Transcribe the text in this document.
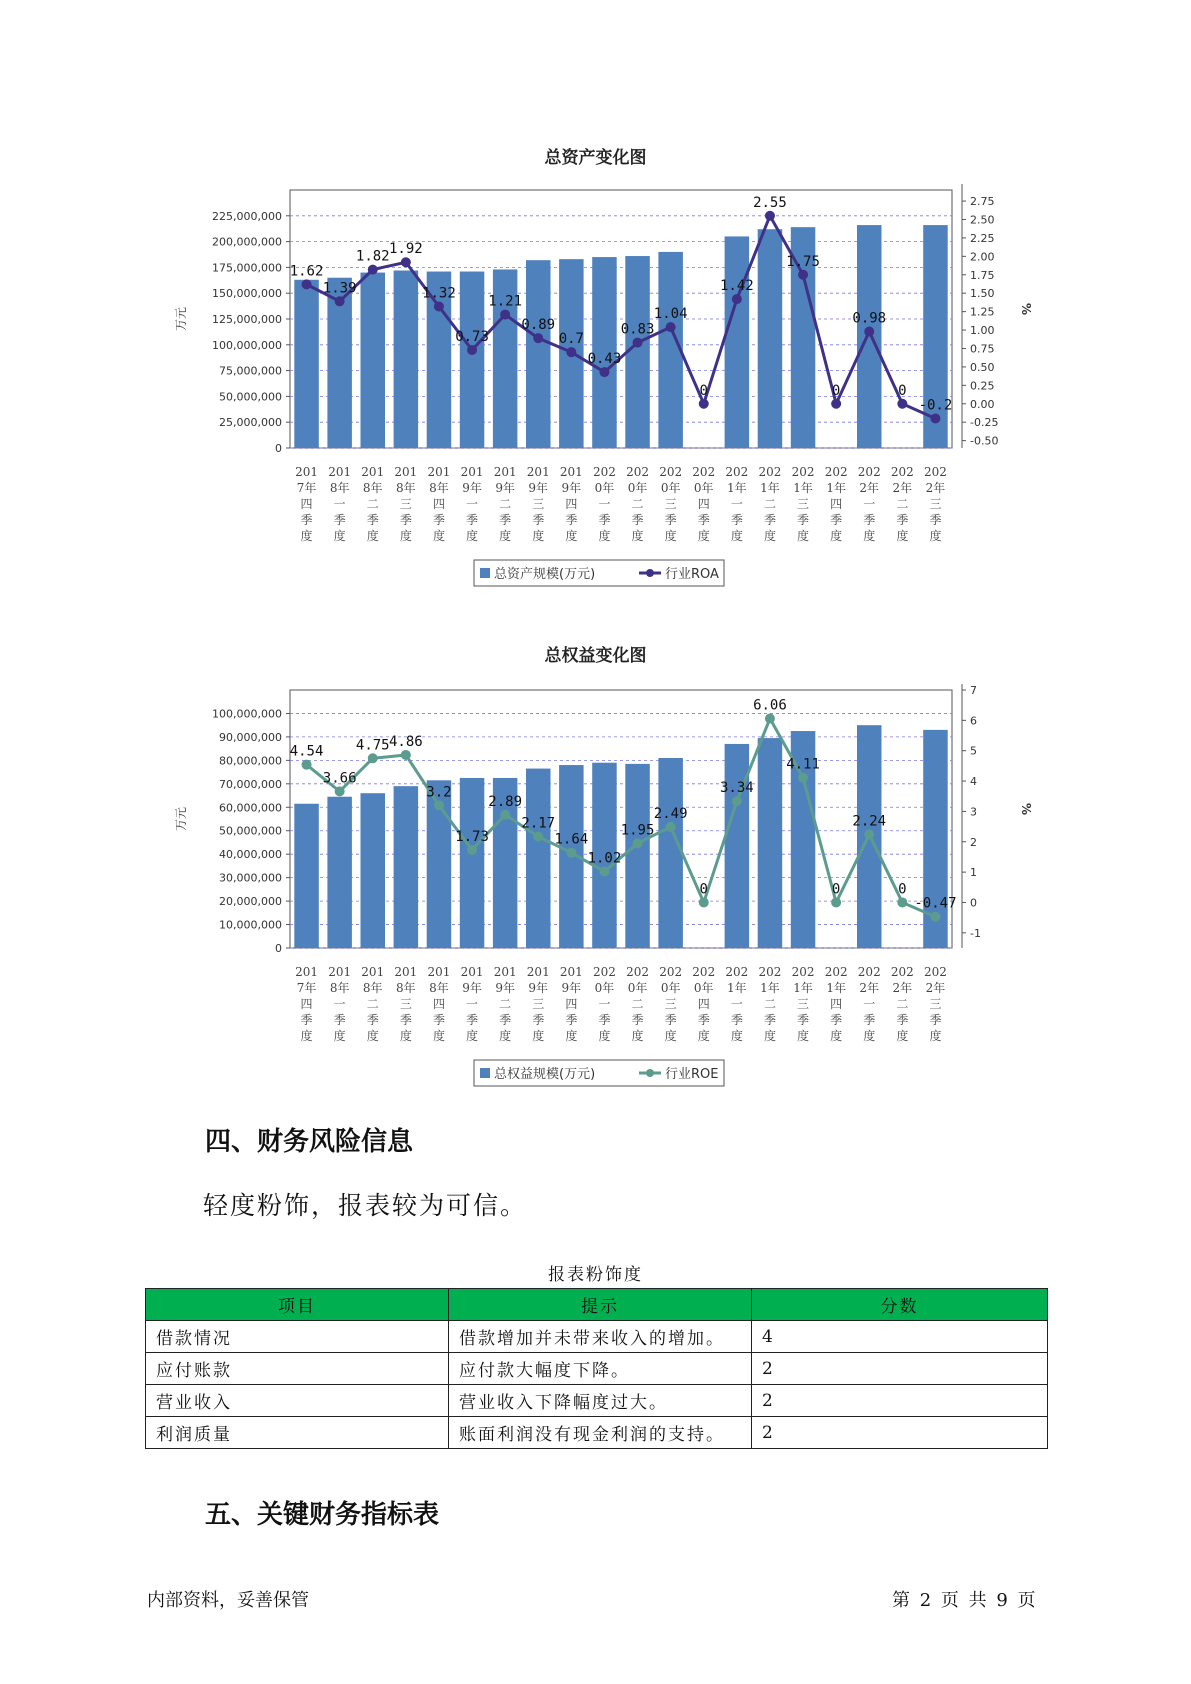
总资产变化图
0
25,000,000
50,000,000
75,000,000
100,000,000
125,000,000
150,000,000
175,000,000
200,000,000
225,000,000
-0.50
-0.25
0.00
0.25
0.50
0.75
1.00
1.25
1.50
1.75
2.00
2.25
2.50
2.75
万元	%
1.62
1.39
1.82 1.92
1.32
0.73
1.21
0.89
0.7
0.43
0.83
1.04
0
1.42
2.55
1.75
0
0.98
0
-0.2
201
7年
四
季
度
201
8年
一
季
度
201
8年
二
季
度
201
8年
三
季
度
201
8年
四
季
度
201
9年
一
季
度
201
9年
二
季
度
201
9年
三
季
度
201
9年
四
季
度
202
0年
一
季
度
202
0年
二
季
度
202
0年
三
季
度
202
0年
四
季
度
202
1年
一
季
度
202
1年
二
季
度
202
1年
三
季
度
202
1年
四
季
度
202
2年
一
季
度
202
2年
二
季
度
202
2年
三
季
度
总资产规模(万元)	行业ROA
总权益变化图
0
10,000,000
20,000,000
30,000,000
40,000,000
50,000,000
60,000,000
70,000,000
80,000,000
90,000,000
100,000,000
-1
0
1
2
3
4
5
6
7
万元	%
4.54
3.66
4.75 4.86
3.2
1.73
2.89
2.17
1.64
1.02
1.95
2.49
0
3.34
6.06
4.11
0
2.24
0
-0.47
201
7年
四
季
度
201
8年
一
季
度
201
8年
二
季
度
201
8年
三
季
度
201
8年
四
季
度
201
9年
一
季
度
201
9年
二
季
度
201
9年
三
季
度
201
9年
四
季
度
202
0年
一
季
度
202
0年
二
季
度
202
0年
三
季
度
202
0年
四
季
度
202
1年
一
季
度
202
1年
二
季
度
202
1年
三
季
度
202
1年
四
季
度
202
2年
一
季
度
202
2年
二
季
度
202
2年
三
季
度
总权益规模(万元)	行业ROE
四、财务风险信息
轻度粉饰，报表较为可信。
报表粉饰度
项目	提示	分数
借款情况	借款增加并未带来收入的增加。	4
应付账款	应付款大幅度下降。	2
营业收入	营业收入下降幅度过大。	2
利润质量	账面利润没有现金利润的支持。	2
五、关键财务指标表
内部资料，妥善保管	第 2 页 共 9 页
